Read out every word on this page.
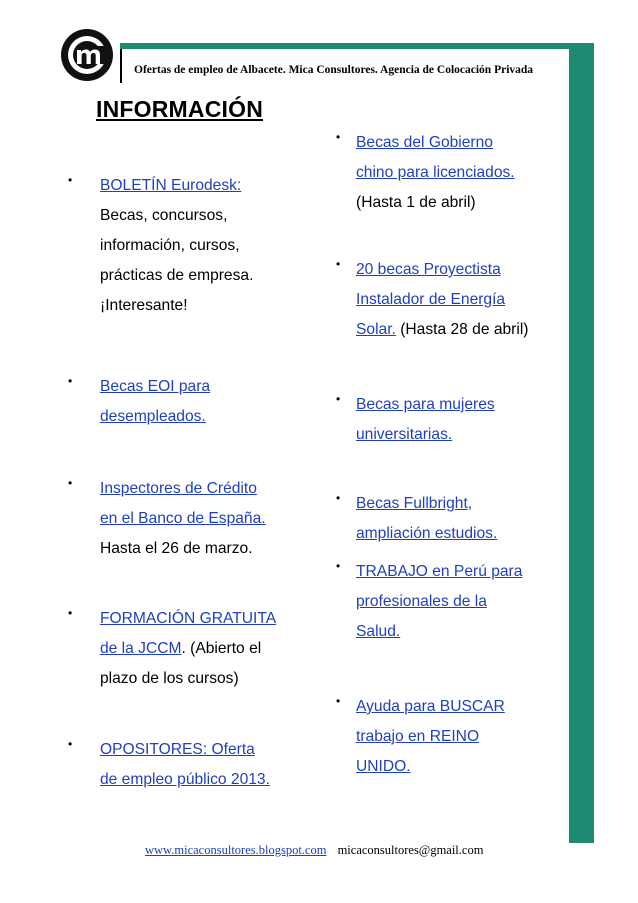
Ofertas de empleo de Albacete. Mica Consultores. Agencia de Colocación Privada
INFORMACIÓN
• BOLETÍN Eurodesk:
Becas, concursos,
información, cursos,
prácticas de empresa.
¡Interesante!
• Becas EOI para
desempleados.
• Inspectores de Crédito
en el Banco de España.
Hasta el 26 de marzo.
• FORMACIÓN GRATUITA
de la JCCM. (Abierto el
plazo de los cursos)
• OPOSITORES: Oferta
de empleo público 2013.
• Becas del Gobierno
chino para licenciados.
(Hasta 1 de abril)
• 20 becas Proyectista
Instalador de Energía
Solar. (Hasta 28 de abril)
• Becas para mujeres
universitarias.
• Becas Fullbright,
ampliación estudios.
• TRABAJO en Perú para
profesionales de la
Salud.
• Ayuda para BUSCAR
trabajo en REINO
UNIDO.
www.micaconsultores.blogspot.com micaconsultores@gmail.com
